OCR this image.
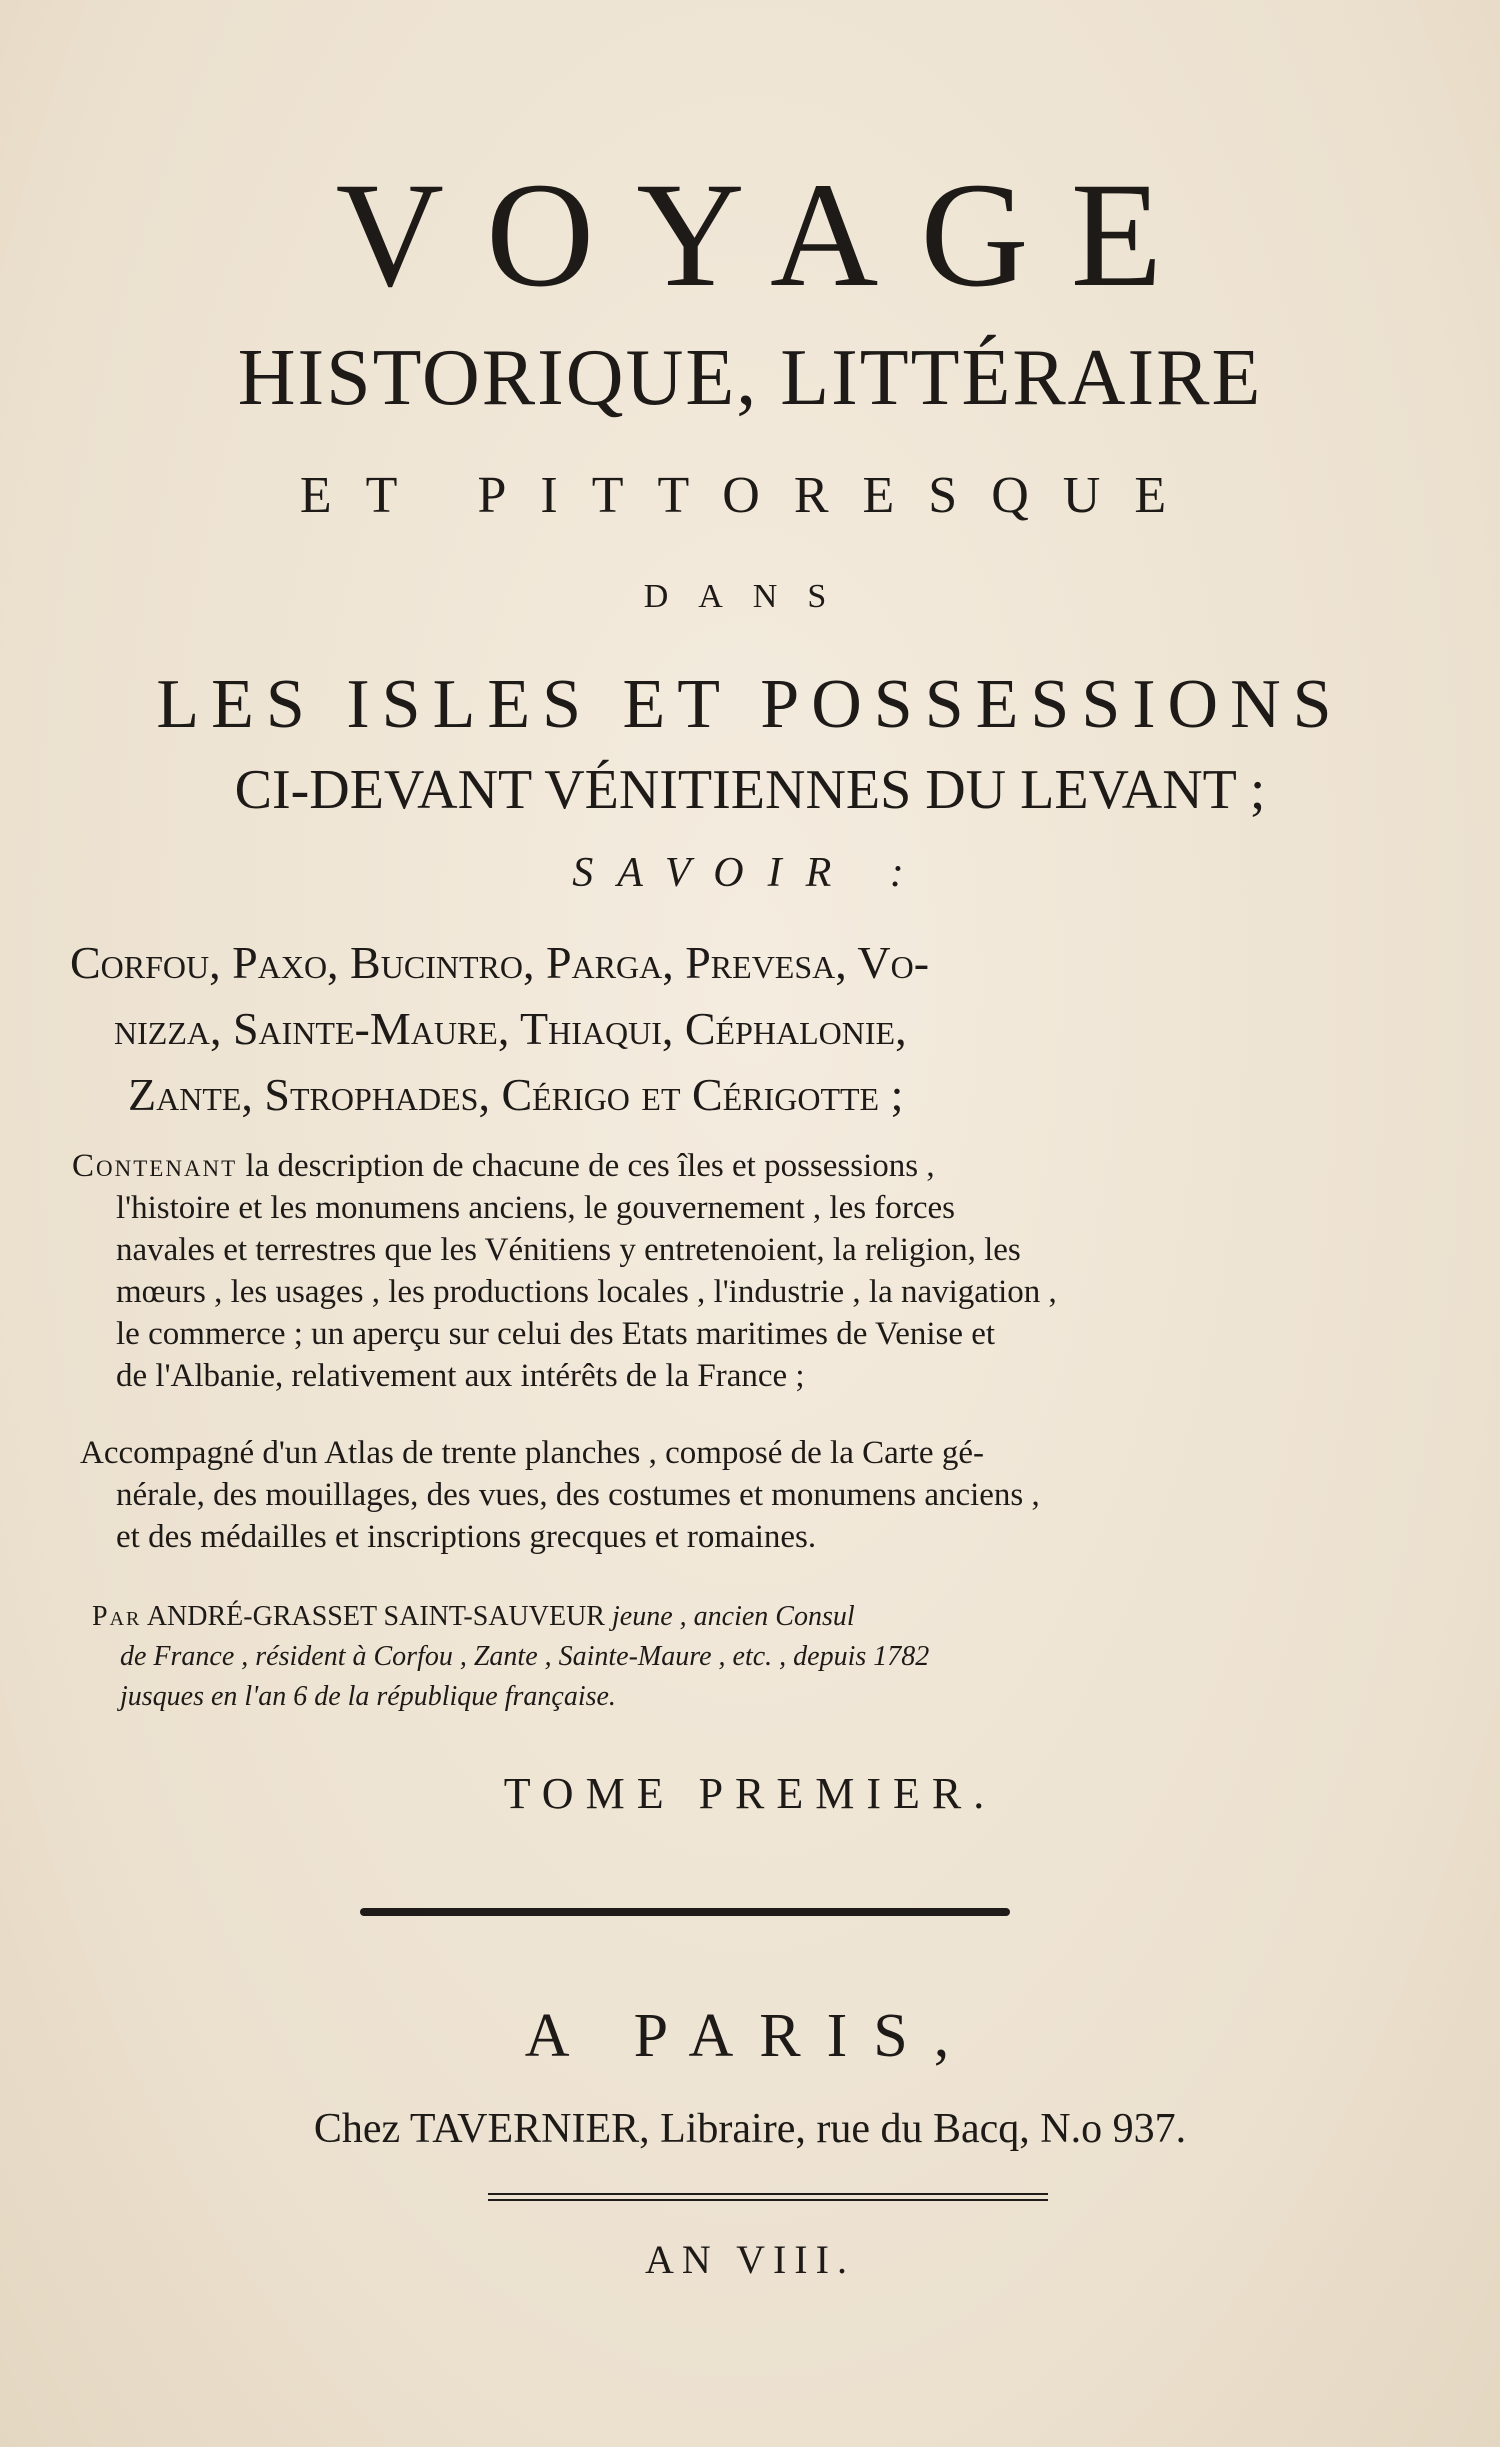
VOYAGE
HISTORIQUE, LITTÉRAIRE
ET PITTORESQUE
DANS
LES ISLES ET POSSESSIONS
CI-DEVANT VÉNITIENNES DU LEVANT ;
SAVOIR :
Corfou, Paxo, Bucintro, Parga, Prevesa, Vo-
nizza, Sainte-Maure, Thiaqui, Céphalonie,
Zante, Strophades, Cérigo et Cérigotte ;
Contenant la description de chacune de ces îles et possessions ,
l'histoire et les monumens anciens, le gouvernement , les forces
navales et terrestres que les Vénitiens y entretenoient, la religion, les
mœurs , les usages , les productions locales , l'industrie , la navigation ,
le commerce ; un aperçu sur celui des Etats maritimes de Venise et
de l'Albanie, relativement aux intérêts de la France ;
Accompagné d'un Atlas de trente planches , composé de la Carte gé-
nérale, des mouillages, des vues, des costumes et monumens anciens ,
et des médailles et inscriptions grecques et romaines.
Par ANDRÉ-GRASSET SAINT-SAUVEUR jeune , ancien Consul
de France , résident à Corfou , Zante , Sainte-Maure , etc. , depuis 1782
jusques en l'an 6 de la république française.
TOME PREMIER.
A PARIS,
Chez TAVERNIER, Libraire, rue du Bacq, N.o 937.
AN VIII.
